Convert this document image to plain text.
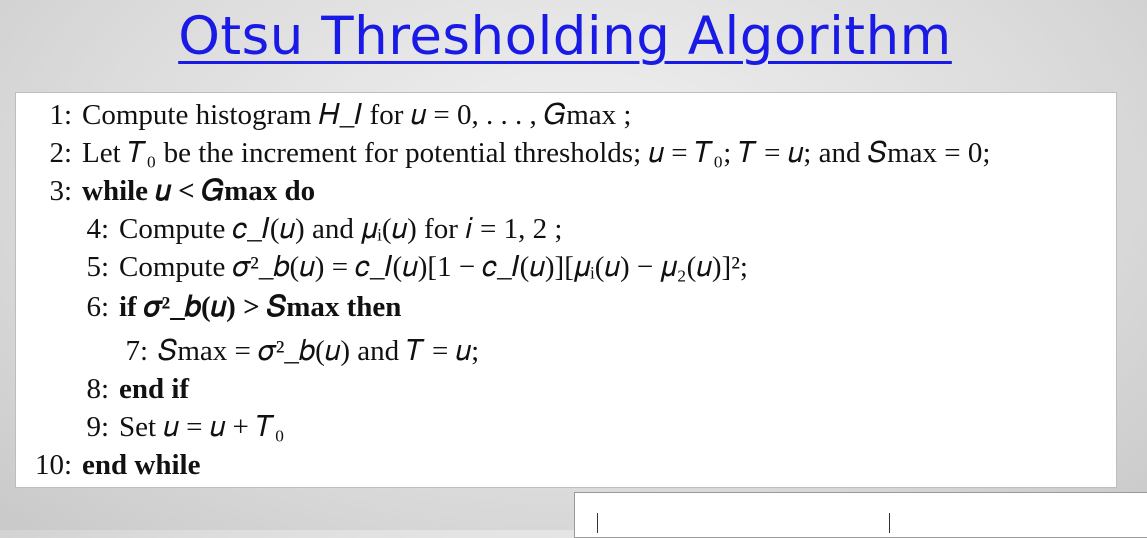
Otsu Thresholding Algorithm
1: Compute histogram 𝐻_𝐼 for 𝑢 = 0, . . . , 𝐺max ;
2: Let 𝑇₀ be the increment for potential thresholds; 𝑢 = 𝑇₀; 𝑇 = 𝑢; and 𝑆max = 0;
3: while 𝑢 < 𝐺max do
4: Compute 𝑐_𝐼(𝑢) and 𝜇ᵢ(𝑢) for 𝑖 = 1, 2 ;
5: Compute 𝜎²_𝑏(𝑢) = 𝑐_𝐼(𝑢)[1 − 𝑐_𝐼(𝑢)][𝜇ᵢ(𝑢) − 𝜇₂(𝑢)]²;
6: if 𝜎²_𝑏(𝑢) > 𝑆max then
7: 𝑆max = 𝜎²_𝑏(𝑢) and 𝑇 = 𝑢;
8: end if
9: Set 𝑢 = 𝑢 + 𝑇₀
10: end while
